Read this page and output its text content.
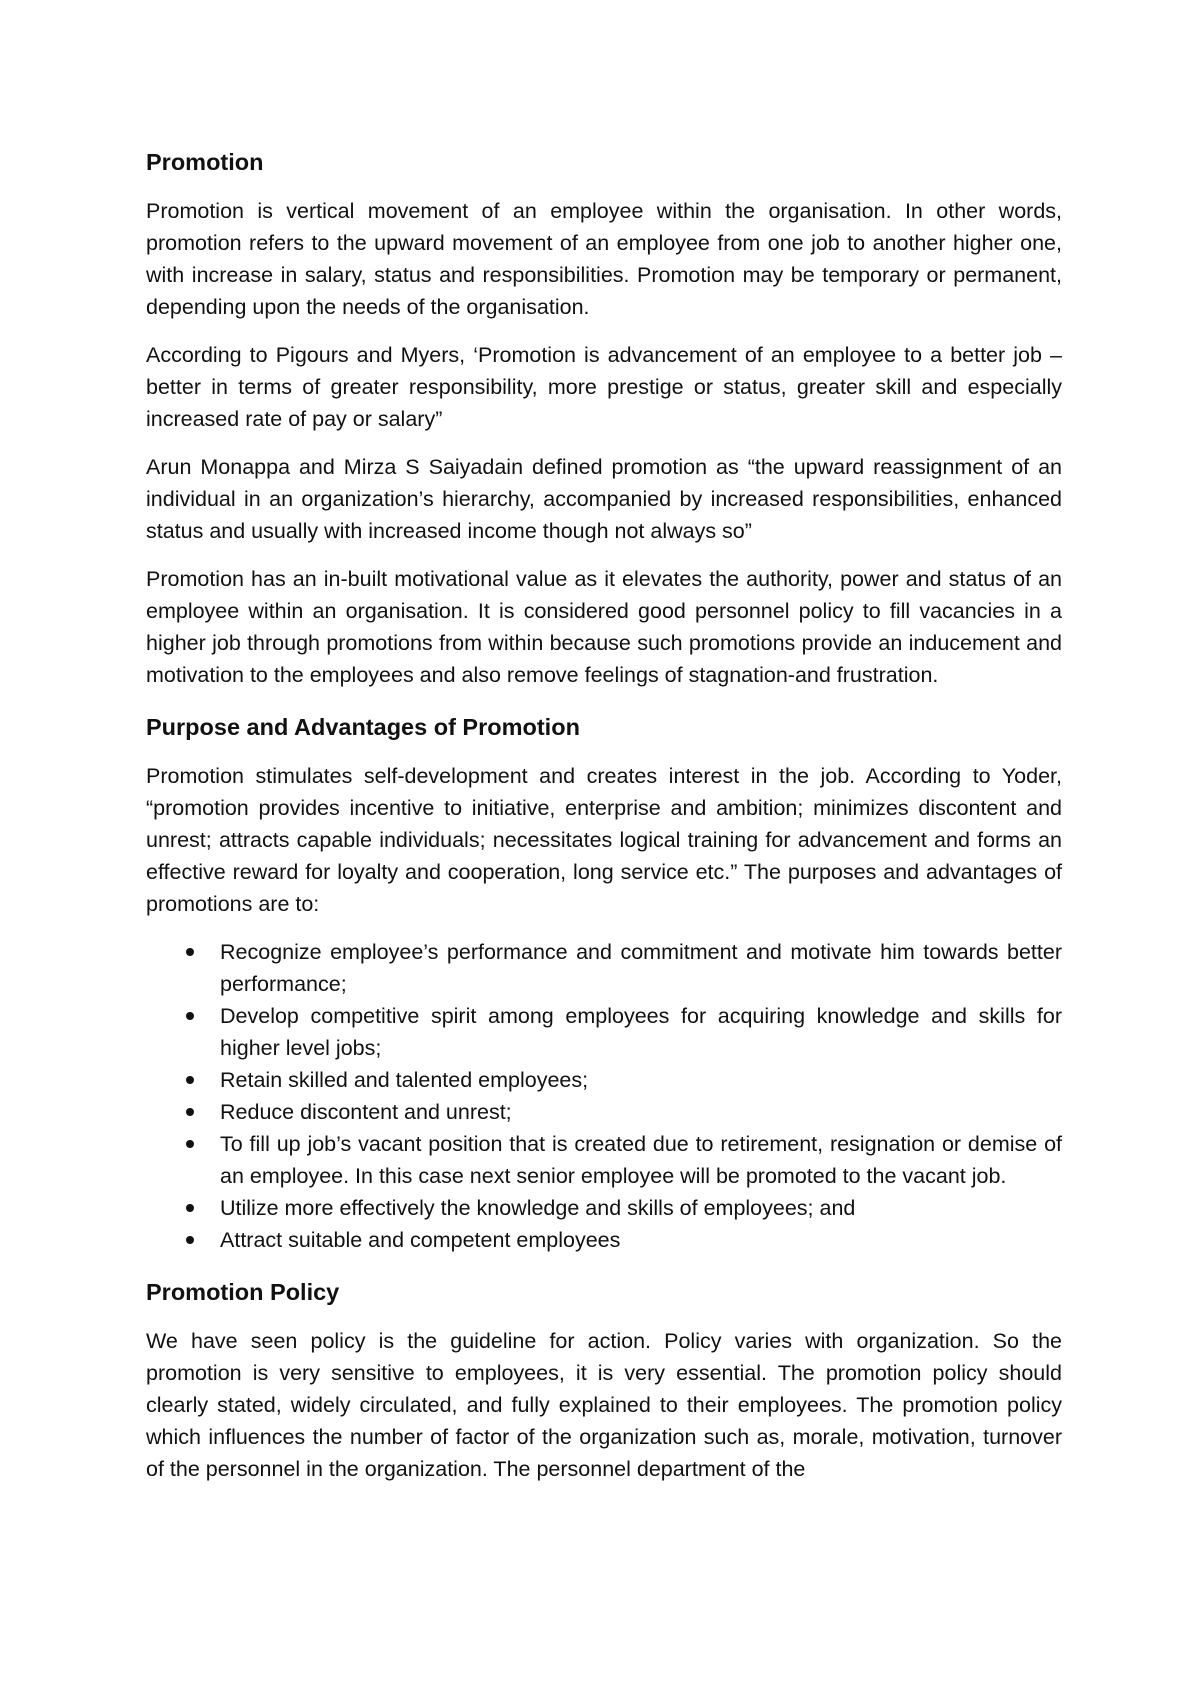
Promotion

Promotion is vertical movement of an employee within the organisation. In other words, promotion refers to the upward movement of an employee from one job to another higher one, with increase in salary, status and responsibilities. Promotion may be temporary or permanent, depending upon the needs of the organisation.

According to Pigours and Myers, ‘Promotion is advancement of an employee to a better job – better in terms of greater responsibility, more prestige or status, greater skill and especially increased rate of pay or salary”

Arun Monappa and Mirza S Saiyadain defined promotion as “the upward reassignment of an individual in an organization’s hierarchy, accompanied by increased responsibilities, enhanced status and usually with increased income though not always so”

Promotion has an in-built motivational value as it elevates the authority, power and status of an employee within an organisation. It is considered good personnel policy to fill vacancies in a higher job through promotions from within because such promotions provide an inducement and motivation to the employees and also remove feelings of stagnation-and frustration.

Purpose and Advantages of Promotion

Promotion stimulates self-development and creates interest in the job. According to Yoder, “promotion provides incentive to initiative, enterprise and ambition; minimizes discontent and unrest; attracts capable individuals; necessitates logical training for advancement and forms an effective reward for loyalty and cooperation, long service etc.” The purposes and advantages of promotions are to:

Recognize employee’s performance and commitment and motivate him towards better performance;
Develop competitive spirit among employees for acquiring knowledge and skills for higher level jobs;
Retain skilled and talented employees;
Reduce discontent and unrest;
To fill up job’s vacant position that is created due to retirement, resignation or demise of an employee. In this case next senior employee will be promoted to the vacant job.
Utilize more effectively the knowledge and skills of employees; and
Attract suitable and competent employees
Promotion Policy

We have seen policy is the guideline for action. Policy varies with organization. So the promotion is very sensitive to employees, it is very essential. The promotion policy should clearly stated, widely circulated, and fully explained to their employees. The promotion policy which influences the number of factor of the organization such as, morale, motivation, turnover of the personnel in the organization. The personnel department of the
